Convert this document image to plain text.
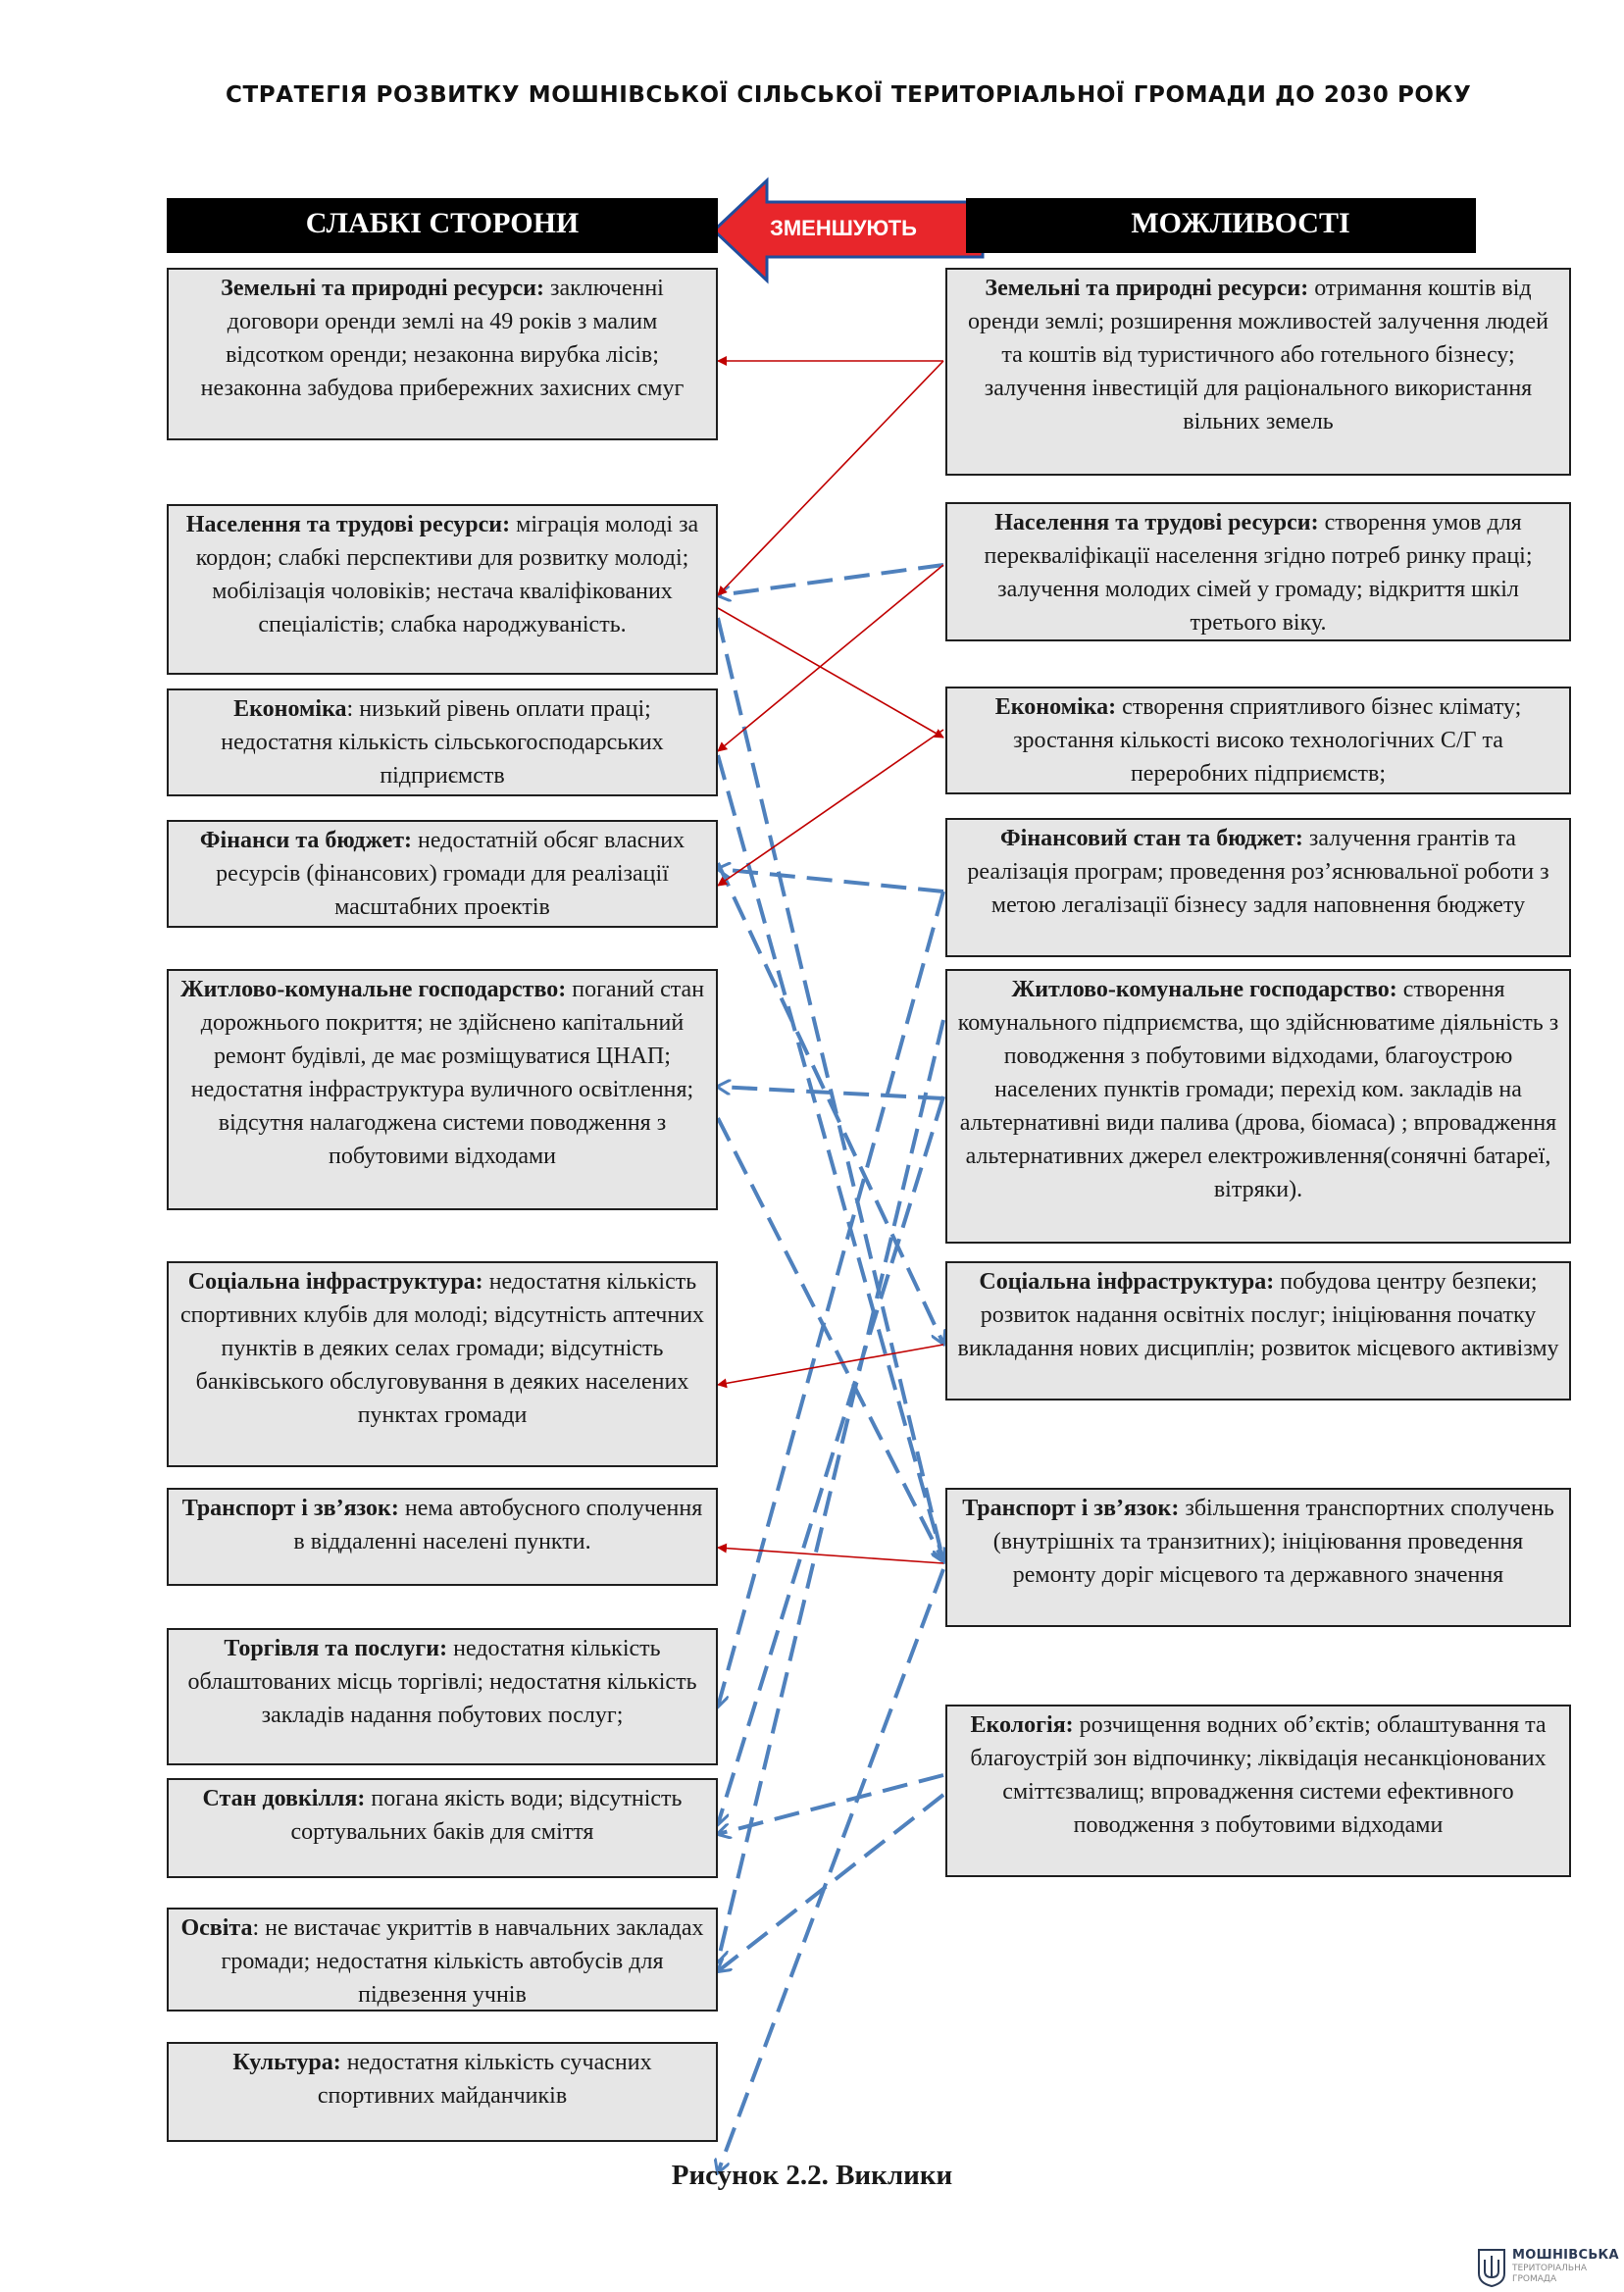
СТРАТЕГІЯ РОЗВИТКУ МОШНІВСЬКОЇ СІЛЬСЬКОЇ ТЕРИТОРІАЛЬНОЇ ГРОМАДИ ДО 2030 РОКУ
ЗМЕНШУЮТЬ
СЛАБКІ СТОРОНИ	МОЖЛИВОСТІ
Земельні та природні ресурси: заключенні договори оренди землі на 49 років з малим відсотком оренди; незаконна вирубка лісів; незаконна забудова прибережних захисних смуг
Населення та трудові ресурси: міграція молоді за кордон; слабкі перспективи для розвитку молоді; мобілізація чоловіків; нестача кваліфікованих спеціалістів; слабка народжуваність.
Економіка: низький рівень оплати праці; недостатня кількість сільськогосподарських підприємств
Фінанси та бюджет: недостатній обсяг власних ресурсів (фінансових) громади для реалізації масштабних проектів
Житлово-комунальне господарство: поганий стан дорожнього покриття; не здійснено капітальний ремонт будівлі, де має розміщуватися ЦНАП; недостатня інфраструктура вуличного освітлення; відсутня налагоджена системи поводження з побутовими відходами
Соціальна інфраструктура: недостатня кількість спортивних клубів для молоді; відсутність аптечних пунктів в деяких селах громади; відсутність банківського обслуговування в деяких населених пунктах громади
Транспорт і зв’язок: нема автобусного сполучення в віддаленні населені пункти.
Торгівля та послуги: недостатня кількість облаштованих місць торгівлі; недостатня кількість закладів надання побутових послуг;
Стан довкілля: погана якість води; відсутність сортувальних баків для сміття
Освіта: не вистачає укриттів в навчальних закладах громади; недостатня кількість автобусів для підвезення учнів
Культура: недостатня кількість сучасних спортивних майданчиків
Земельні та природні ресурси: отримання коштів від оренди землі; розширення можливостей залучення людей та коштів від туристичного або готельного бізнесу; залучення інвестицій для раціонального використання вільних земель
Населення та трудові ресурси: створення умов для перекваліфікації населення згідно потреб ринку праці; залучення молодих сімей у громаду; відкриття шкіл третього віку.
Економіка: створення сприятливого бізнес клімату; зростання кількості високо технологічних С/Г та переробних підприємств;
Фінансовий стан та бюджет: залучення грантів та реалізація програм; проведення роз’яснювальної роботи з метою легалізації бізнесу задля наповнення бюджету
Житлово-комунальне господарство: створення комунального підприємства, що здійснюватиме діяльність з поводження з побутовими відходами, благоустрою населених пунктів громади; перехід ком. закладів на альтернативні види палива (дрова, біомаса) ; впровадження альтернативних джерел електроживлення(сонячні батареї, вітряки).
Соціальна інфраструктура: побудова центру безпеки; розвиток надання освітніх послуг; ініціювання початку викладання нових дисциплін; розвиток місцевого активізму
Транспорт і зв’язок: збільшення транспортних сполучень (внутрішніх та транзитних); ініціювання проведення ремонту доріг місцевого та державного значення
Екологія: розчищення водних об’єктів; облаштування та благоустрій зон відпочинку; ліквідація несанкціонованих сміттєзвалищ; впровадження системи ефективного поводження з побутовими відходами
Рисунок 2.2. Виклики
МОШНІВСЬКА
ТЕРИТОРІАЛЬНА ГРОМАДА
